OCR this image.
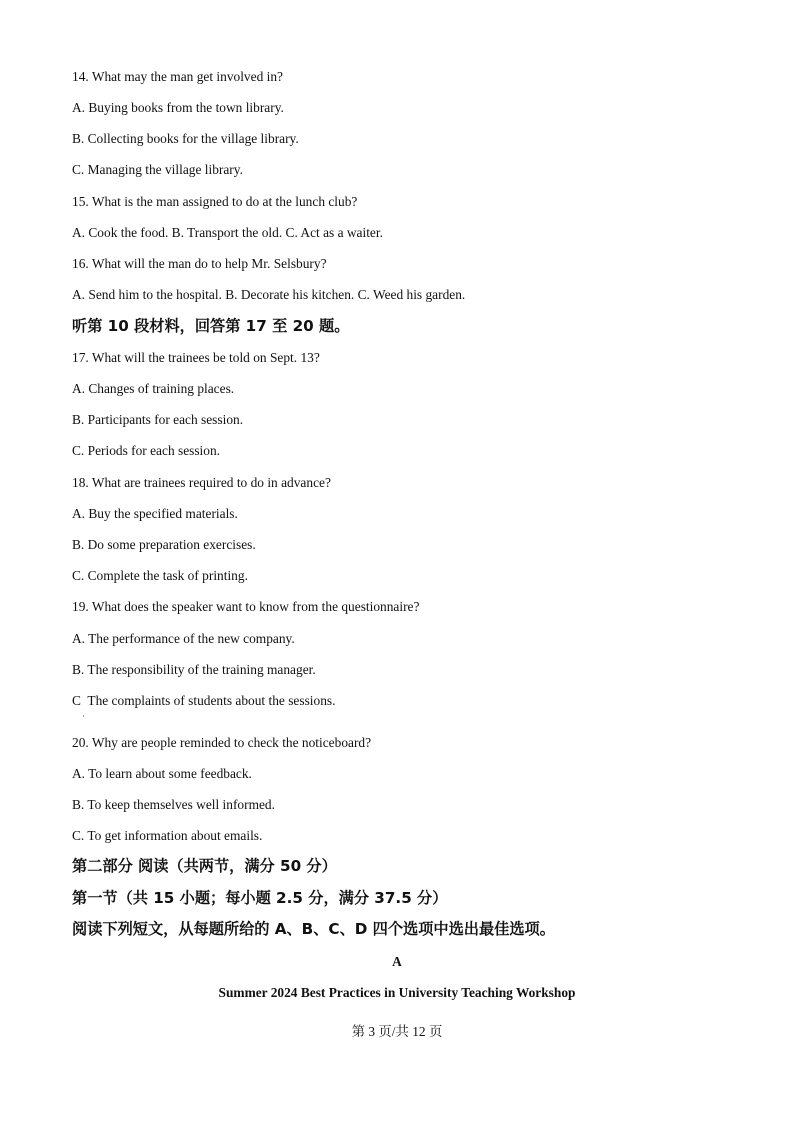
14. What may the man get involved in?
A. Buying books from the town library.
B. Collecting books for the village library.
C. Managing the village library.
15. What is the man assigned to do at the lunch club?
A. Cook the food. B. Transport the old. C. Act as a waiter.
16. What will the man do to help Mr. Selsbury?
A. Send him to the hospital. B. Decorate his kitchen. C. Weed his garden.
听第 10 段材料，回答第 17 至 20 题。
17. What will the trainees be told on Sept. 13?
A. Changes of training places.
B. Participants for each session.
C. Periods for each session.
18. What are trainees required to do in advance?
A. Buy the specified materials.
B. Do some preparation exercises.
C. Complete the task of printing.
19. What does the speaker want to know from the questionnaire?
A. The performance of the new company.
B. The responsibility of the training manager.
C  The complaints of students about the sessions.
·
20. Why are people reminded to check the noticeboard?
A. To learn about some feedback.
B. To keep themselves well informed.
C. To get information about emails.
第二部分 阅读（共两节，满分 50 分）
第一节（共 15 小题；每小题 2.5 分，满分 37.5 分）
阅读下列短文，从每题所给的 A、B、C、D 四个选项中选出最佳选项。
A
Summer 2024 Best Practices in University Teaching Workshop
第 3 页/共 12 页
